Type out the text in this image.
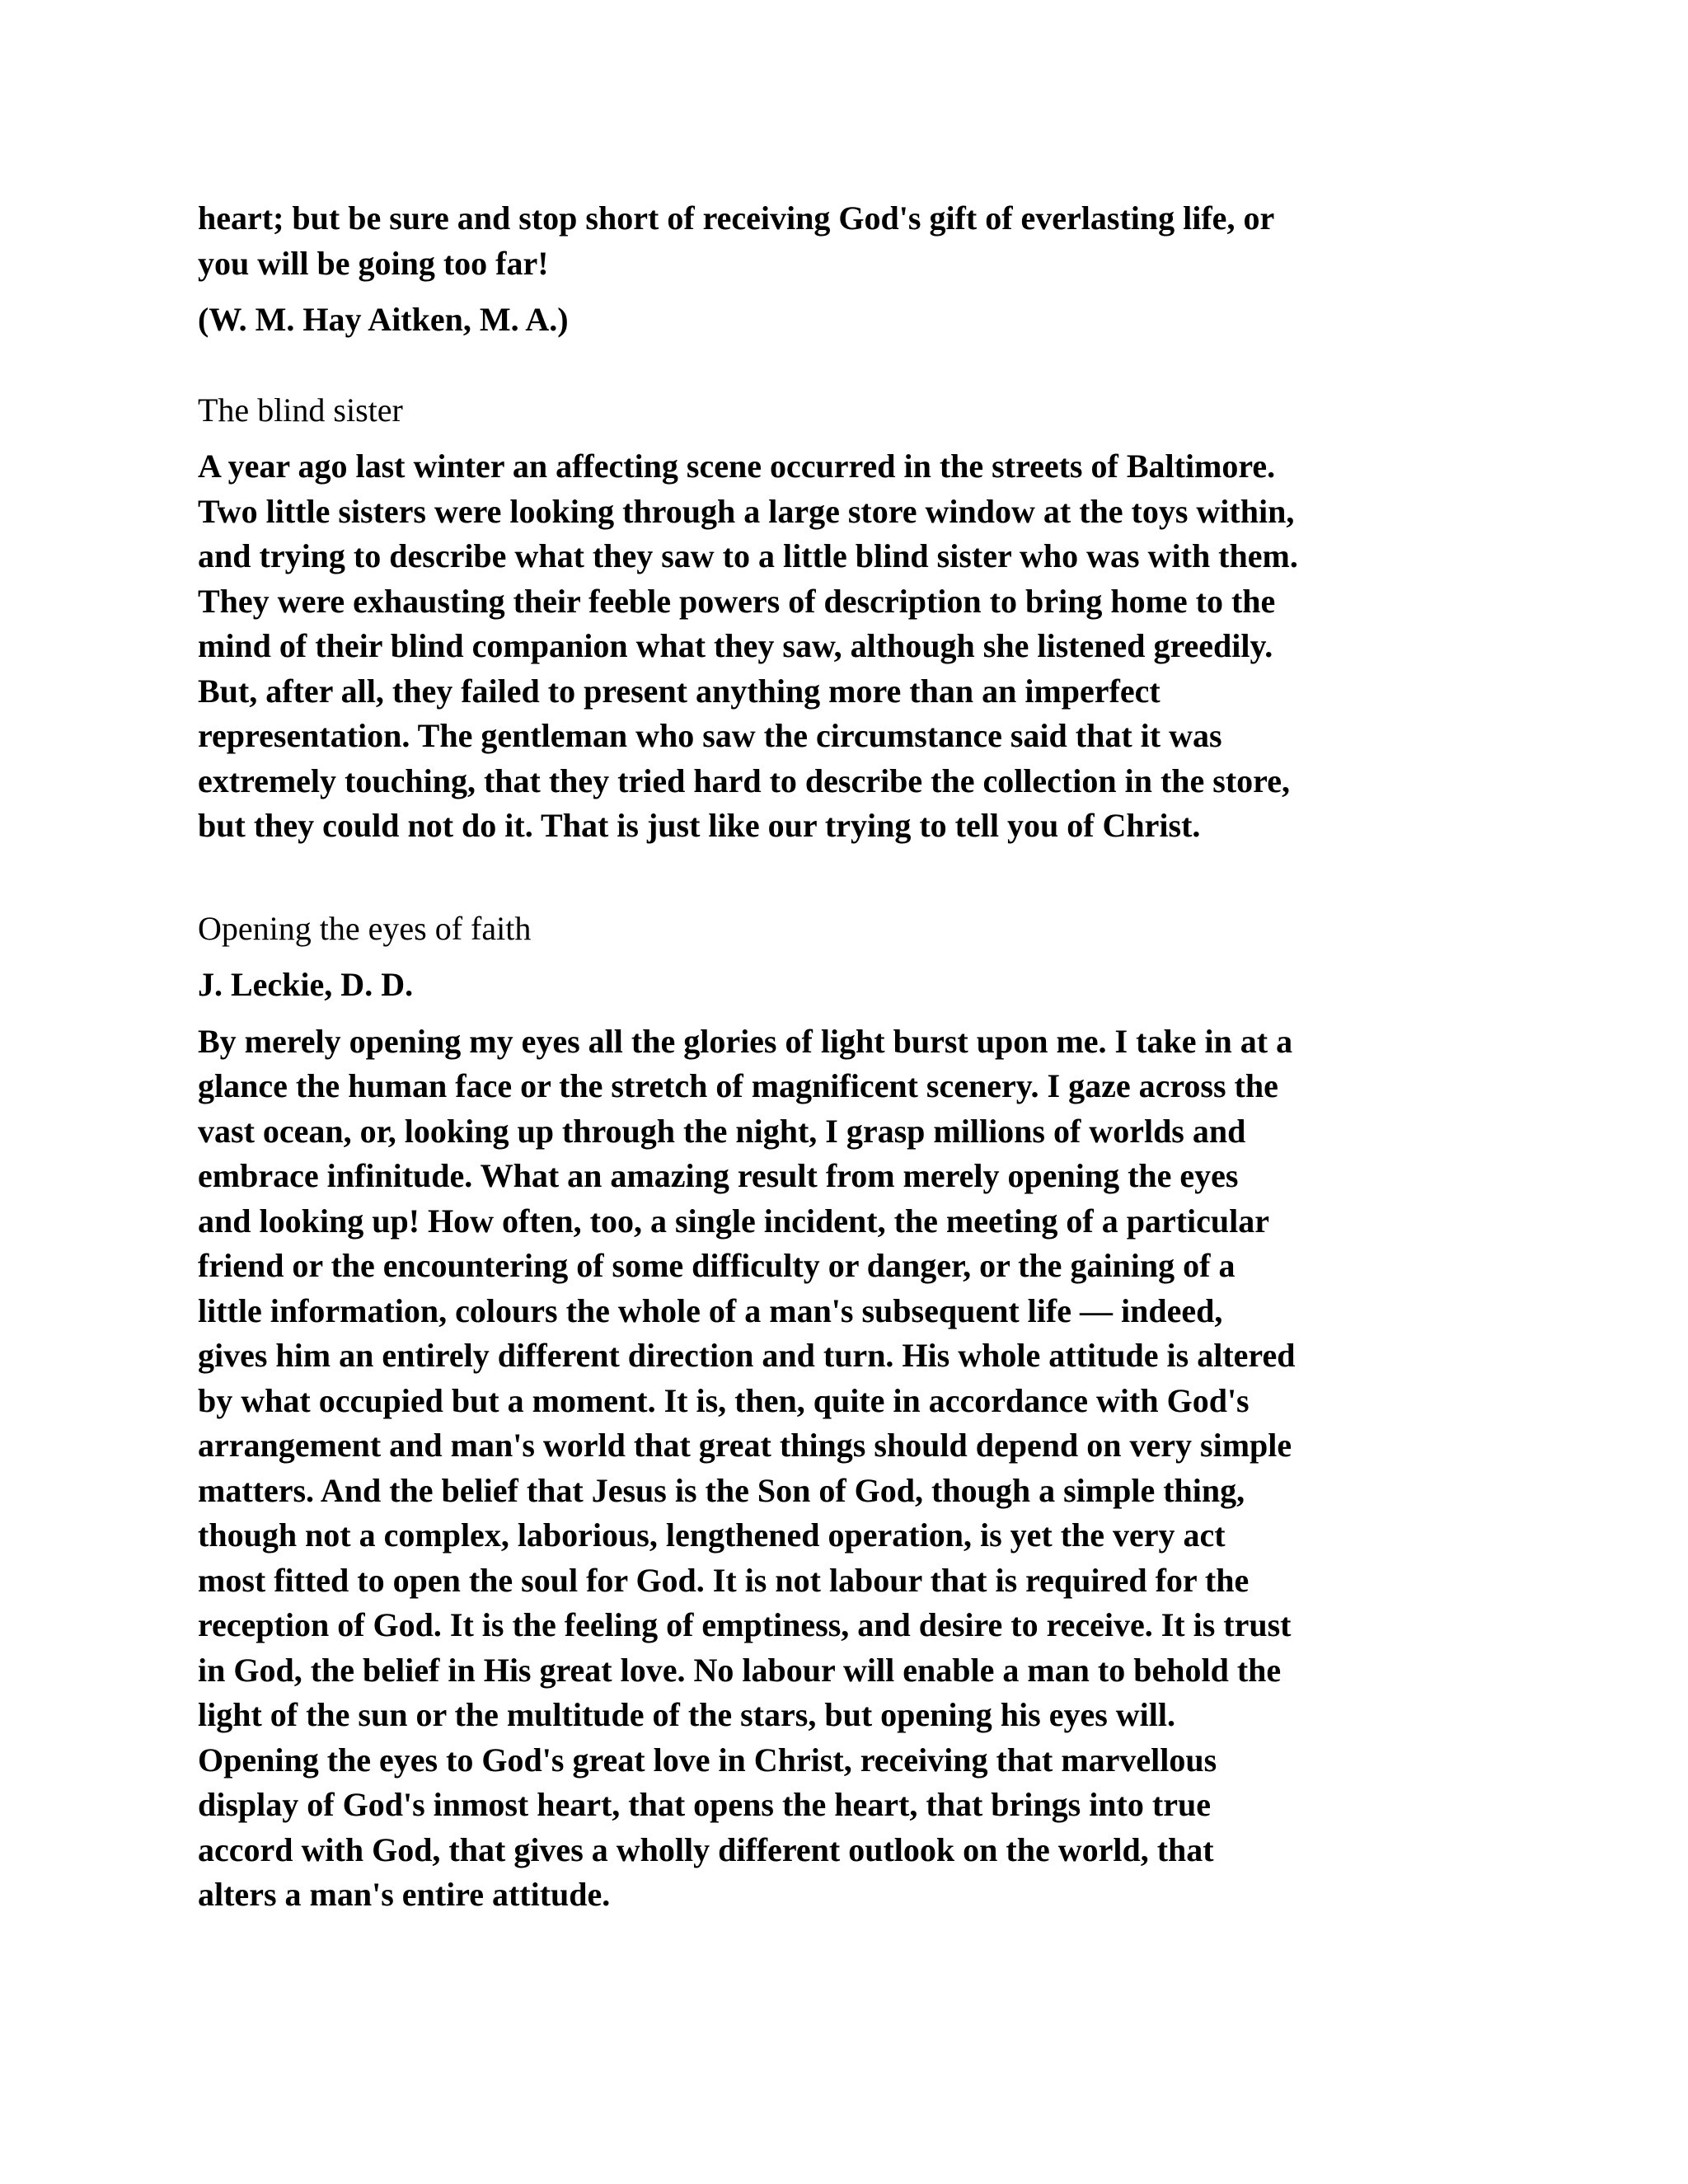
heart; but be sure and stop short of receiving God's gift of everlasting life, or
you will be going too far!
(W. M. Hay Aitken, M. A.)
The blind sister
A year ago last winter an affecting scene occurred in the streets of Baltimore.
Two little sisters were looking through a large store window at the toys within,
and trying to describe what they saw to a little blind sister who was with them.
They were exhausting their feeble powers of description to bring home to the
mind of their blind companion what they saw, although she listened greedily.
But, after all, they failed to present anything more than an imperfect
representation. The gentleman who saw the circumstance said that it was
extremely touching, that they tried hard to describe the collection in the store,
but they could not do it. That is just like our trying to tell you of Christ.
Opening the eyes of faith
J. Leckie, D. D.
By merely opening my eyes all the glories of light burst upon me. I take in at a
glance the human face or the stretch of magnificent scenery. I gaze across the
vast ocean, or, looking up through the night, I grasp millions of worlds and
embrace infinitude. What an amazing result from merely opening the eyes
and looking up! How often, too, a single incident, the meeting of a particular
friend or the encountering of some difficulty or danger, or the gaining of a
little information, colours the whole of a man's subsequent life — indeed,
gives him an entirely different direction and turn. His whole attitude is altered
by what occupied but a moment. It is, then, quite in accordance with God's
arrangement and man's world that great things should depend on very simple
matters. And the belief that Jesus is the Son of God, though a simple thing,
though not a complex, laborious, lengthened operation, is yet the very act
most fitted to open the soul for God. It is not labour that is required for the
reception of God. It is the feeling of emptiness, and desire to receive. It is trust
in God, the belief in His great love. No labour will enable a man to behold the
light of the sun or the multitude of the stars, but opening his eyes will.
Opening the eyes to God's great love in Christ, receiving that marvellous
display of God's inmost heart, that opens the heart, that brings into true
accord with God, that gives a wholly different outlook on the world, that
alters a man's entire attitude.
